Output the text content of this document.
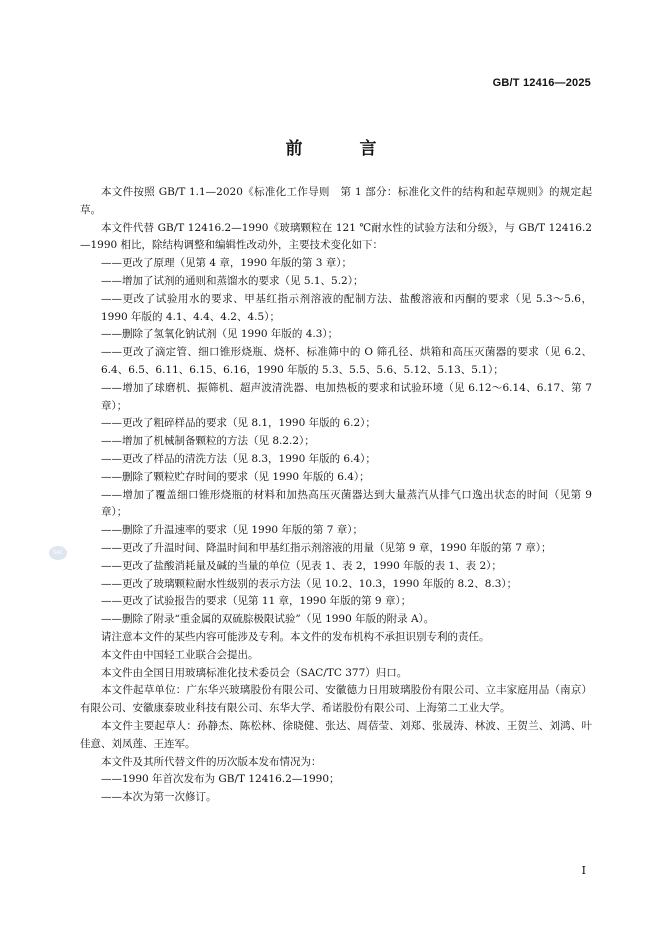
GB/T 12416—2025
前　言
SAC

本文件按照 GB/T 1.1—2020《标准化工作导则　第 1 部分：标准化文件的结构和起草规则》的规定起草。

本文件代替 GB/T 12416.2—1990《玻璃颗粒在 121 ℃耐水性的试验方法和分级》，与 GB/T 12416.2—1990 相比，除结构调整和编辑性改动外，主要技术变化如下：

——更改了原理（见第 4 章，1990 年版的第 3 章）；

——增加了试剂的通则和蒸馏水的要求（见 5.1、5.2）；

——更改了试验用水的要求、甲基红指示剂溶液的配制方法、盐酸溶液和丙酮的要求（见 5.3～5.6，1990 年版的 4.1、4.4、4.2、4.5）；

——删除了氢氧化钠试剂（见 1990 年版的 4.3）；

——更改了滴定管、细口锥形烧瓶、烧杯、标准筛中的 O 筛孔径、烘箱和高压灭菌器的要求（见 6.2、6.4、6.5、6.11、6.15、6.16，1990 年版的 5.3、5.5、5.6、5.12、5.13、5.1）；

——增加了球磨机、振筛机、超声波清洗器、电加热板的要求和试验环境（见 6.12～6.14、6.17、第 7 章）；

——更改了粗碎样品的要求（见 8.1，1990 年版的 6.2）；

——增加了机械制备颗粒的方法（见 8.2.2）；

——更改了样品的清洗方法（见 8.3，1990 年版的 6.4）；

——删除了颗粒贮存时间的要求（见 1990 年版的 6.4）；

——增加了覆盖细口锥形烧瓶的材料和加热高压灭菌器达到大量蒸汽从排气口逸出状态的时间（见第 9 章）；

——删除了升温速率的要求（见 1990 年版的第 7 章）；

——更改了升温时间、降温时间和甲基红指示剂溶液的用量（见第 9 章，1990 年版的第 7 章）；

——更改了盐酸消耗量及碱的当量的单位（见表 1、表 2，1990 年版的表 1、表 2）；

——更改了玻璃颗粒耐水性级别的表示方法（见 10.2、10.3，1990 年版的 8.2、8.3）；

——更改了试验报告的要求（见第 11 章，1990 年版的第 9 章）；

——删除了附录“重金属的双硫腙极限试验”（见 1990 年版的附录 A）。

请注意本文件的某些内容可能涉及专利。本文件的发布机构不承担识别专利的责任。

本文件由中国轻工业联合会提出。

本文件由全国日用玻璃标准化技术委员会（SAC/TC 377）归口。

本文件起草单位：广东华兴玻璃股份有限公司、安徽德力日用玻璃股份有限公司、立丰家庭用品（南京）有限公司、安徽康泰玻业科技有限公司、东华大学、希诺股份有限公司、上海第二工业大学。

本文件主要起草人：孙静杰、陈松林、徐晓健、张达、周蓓莹、刘郑、张晟涛、林波、王贺兰、刘鸿、叶佳意、刘凤莲、王连军。

本文件及其所代替文件的历次版本发布情况为：

——1990 年首次发布为 GB/T 12416.2—1990；

——本次为第一次修订。

I
